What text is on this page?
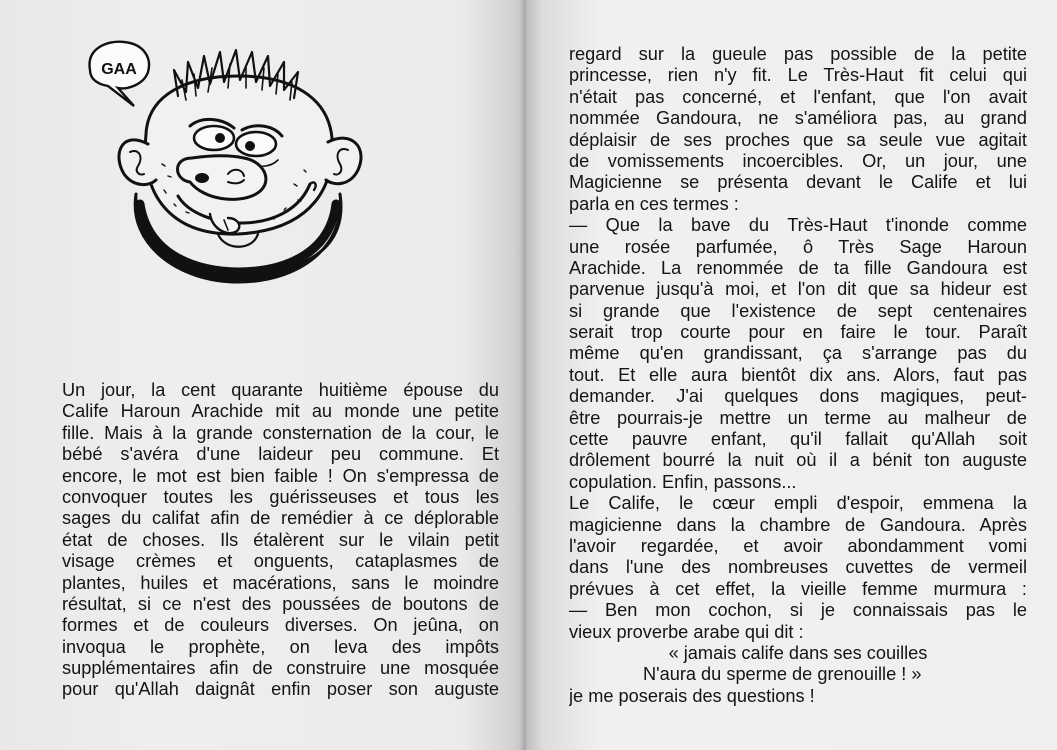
GAA
Un jour, la cent quarante huitième épouse du
Calife Haroun Arachide mit au monde une petite
fille. Mais à la grande consternation de la cour, le
bébé s'avéra d'une laideur peu commune. Et
encore, le mot est bien faible ! On s'empressa de
convoquer toutes les guérisseuses et tous les
sages du califat afin de remédier à ce déplorable
état de choses. Ils étalèrent sur le vilain petit
visage crèmes et onguents, cataplasmes de
plantes, huiles et macérations, sans le moindre
résultat, si ce n'est des poussées de boutons de
formes et de couleurs diverses. On jeûna, on
invoqua le prophète, on leva des impôts
supplémentaires afin de construire une mosquée
pour qu'Allah daignât enfin poser son auguste
regard sur la gueule pas possible de la petite
princesse, rien n'y fit. Le Très-Haut fit celui qui
n'était pas concerné, et l'enfant, que l'on avait
nommée Gandoura, ne s'améliora pas, au grand
déplaisir de ses proches que sa seule vue agitait
de vomissements incoercibles. Or, un jour, une
Magicienne se présenta devant le Calife et lui
parla en ces termes :
— Que la bave du Très-Haut t'inonde comme
une rosée parfumée, ô Très Sage Haroun
Arachide. La renommée de ta fille Gandoura est
parvenue jusqu'à moi, et l'on dit que sa hideur est
si grande que l'existence de sept centenaires
serait trop courte pour en faire le tour. Paraît
même qu'en grandissant, ça s'arrange pas du
tout. Et elle aura bientôt dix ans. Alors, faut pas
demander. J'ai quelques dons magiques, peut-
être pourrais-je mettre un terme au malheur de
cette pauvre enfant, qu'il fallait qu'Allah soit
drôlement bourré la nuit où il a bénit ton auguste
copulation. Enfin, passons...
Le Calife, le cœur empli d'espoir, emmena la
magicienne dans la chambre de Gandoura. Après
l'avoir regardée, et avoir abondamment vomi
dans l'une des nombreuses cuvettes de vermeil
prévues à cet effet, la vieille femme murmura :
— Ben mon cochon, si je connaissais pas le
vieux proverbe arabe qui dit :
« jamais calife dans ses couilles
N'aura du sperme de grenouille ! »
je me poserais des questions !
